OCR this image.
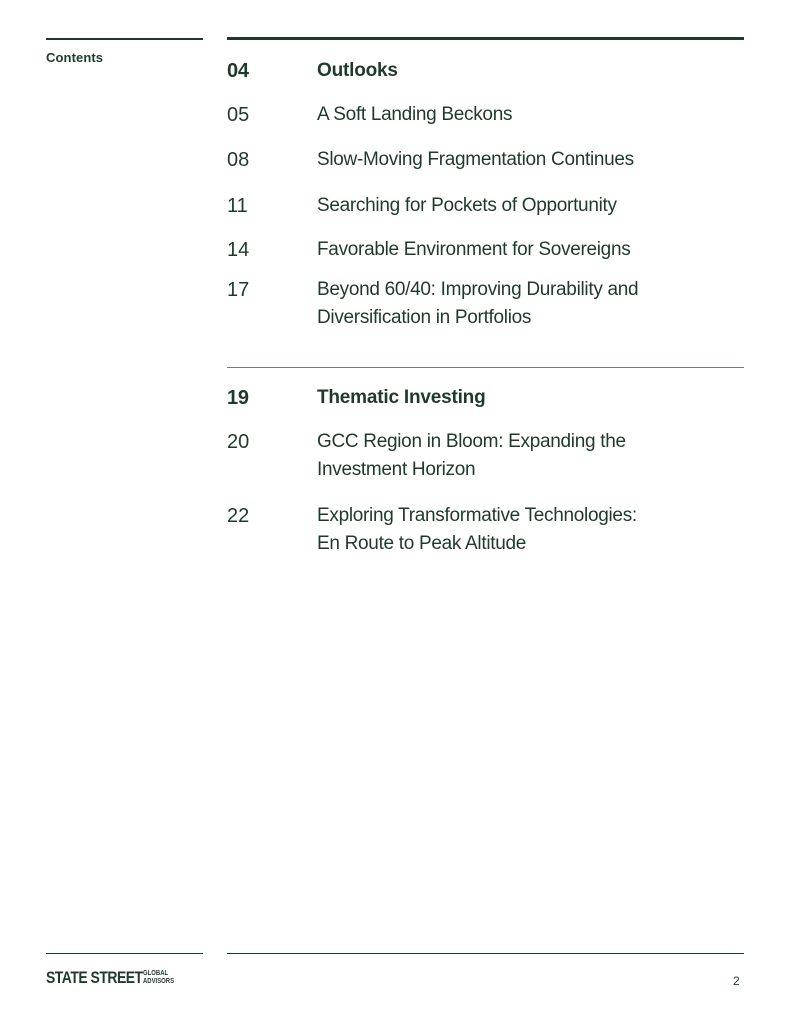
Contents
04	Outlooks
05	A Soft Landing Beckons
08	Slow-Moving Fragmentation Continues
11	Searching for Pockets of Opportunity
14	Favorable Environment for Sovereigns
17	Beyond 60/40: Improving Durability and
Diversification in Portfolios
19	Thematic Investing
20	GCC Region in Bloom: Expanding the
Investment Horizon
22	Exploring Transformative Technologies:
En Route to Peak Altitude
STATE STREET GLOBAL
ADVISORS	2
